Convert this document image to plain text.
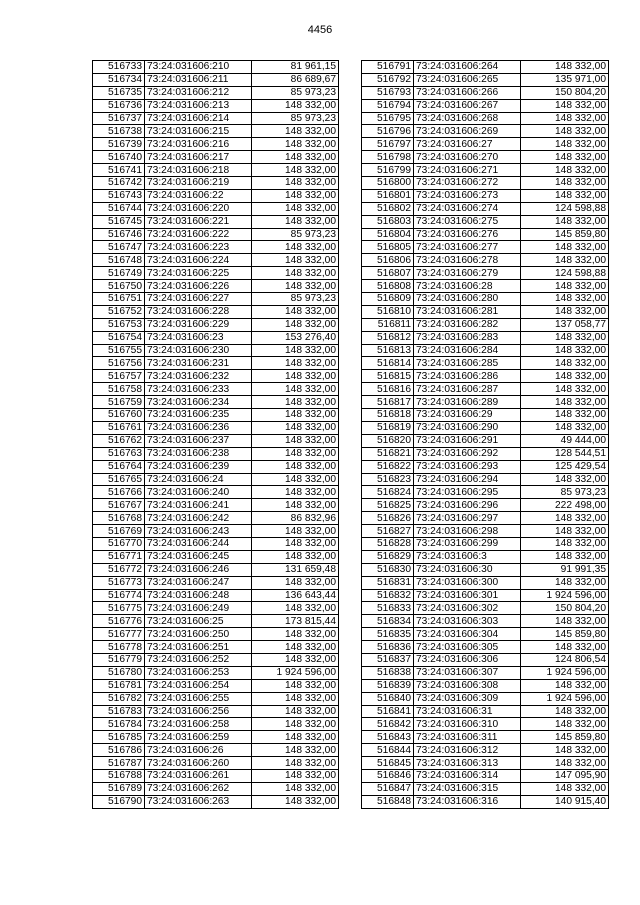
4456
516733	73:24:031606:210	81 961,15
516734	73:24:031606:211	86 689,67
516735	73:24:031606:212	85 973,23
516736	73:24:031606:213	148 332,00
516737	73:24:031606:214	85 973,23
516738	73:24:031606:215	148 332,00
516739	73:24:031606:216	148 332,00
516740	73:24:031606:217	148 332,00
516741	73:24:031606:218	148 332,00
516742	73:24:031606:219	148 332,00
516743	73:24:031606:22	148 332,00
516744	73:24:031606:220	148 332,00
516745	73:24:031606:221	148 332,00
516746	73:24:031606:222	85 973,23
516747	73:24:031606:223	148 332,00
516748	73:24:031606:224	148 332,00
516749	73:24:031606:225	148 332,00
516750	73:24:031606:226	148 332,00
516751	73:24:031606:227	85 973,23
516752	73:24:031606:228	148 332,00
516753	73:24:031606:229	148 332,00
516754	73:24:031606:23	153 276,40
516755	73:24:031606:230	148 332,00
516756	73:24:031606:231	148 332,00
516757	73:24:031606:232	148 332,00
516758	73:24:031606:233	148 332,00
516759	73:24:031606:234	148 332,00
516760	73:24:031606:235	148 332,00
516761	73:24:031606:236	148 332,00
516762	73:24:031606:237	148 332,00
516763	73:24:031606:238	148 332,00
516764	73:24:031606:239	148 332,00
516765	73:24:031606:24	148 332,00
516766	73:24:031606:240	148 332,00
516767	73:24:031606:241	148 332,00
516768	73:24:031606:242	86 832,96
516769	73:24:031606:243	148 332,00
516770	73:24:031606:244	148 332,00
516771	73:24:031606:245	148 332,00
516772	73:24:031606:246	131 659,48
516773	73:24:031606:247	148 332,00
516774	73:24:031606:248	136 643,44
516775	73:24:031606:249	148 332,00
516776	73:24:031606:25	173 815,44
516777	73:24:031606:250	148 332,00
516778	73:24:031606:251	148 332,00
516779	73:24:031606:252	148 332,00
516780	73:24:031606:253	1 924 596,00
516781	73:24:031606:254	148 332,00
516782	73:24:031606:255	148 332,00
516783	73:24:031606:256	148 332,00
516784	73:24:031606:258	148 332,00
516785	73:24:031606:259	148 332,00
516786	73:24:031606:26	148 332,00
516787	73:24:031606:260	148 332,00
516788	73:24:031606:261	148 332,00
516789	73:24:031606:262	148 332,00
516790	73:24:031606:263	148 332,00
516791	73:24:031606:264	148 332,00
516792	73:24:031606:265	135 971,00
516793	73:24:031606:266	150 804,20
516794	73:24:031606:267	148 332,00
516795	73:24:031606:268	148 332,00
516796	73:24:031606:269	148 332,00
516797	73:24:031606:27	148 332,00
516798	73:24:031606:270	148 332,00
516799	73:24:031606:271	148 332,00
516800	73:24:031606:272	148 332,00
516801	73:24:031606:273	148 332,00
516802	73:24:031606:274	124 598,88
516803	73:24:031606:275	148 332,00
516804	73:24:031606:276	145 859,80
516805	73:24:031606:277	148 332,00
516806	73:24:031606:278	148 332,00
516807	73:24:031606:279	124 598,88
516808	73:24:031606:28	148 332,00
516809	73:24:031606:280	148 332,00
516810	73:24:031606:281	148 332,00
516811	73:24:031606:282	137 058,77
516812	73:24:031606:283	148 332,00
516813	73:24:031606:284	148 332,00
516814	73:24:031606:285	148 332,00
516815	73:24:031606:286	148 332,00
516816	73:24:031606:287	148 332,00
516817	73:24:031606:289	148 332,00
516818	73:24:031606:29	148 332,00
516819	73:24:031606:290	148 332,00
516820	73:24:031606:291	49 444,00
516821	73:24:031606:292	128 544,51
516822	73:24:031606:293	125 429,54
516823	73:24:031606:294	148 332,00
516824	73:24:031606:295	85 973,23
516825	73:24:031606:296	222 498,00
516826	73:24:031606:297	148 332,00
516827	73:24:031606:298	148 332,00
516828	73:24:031606:299	148 332,00
516829	73:24:031606:3	148 332,00
516830	73:24:031606:30	91 991,35
516831	73:24:031606:300	148 332,00
516832	73:24:031606:301	1 924 596,00
516833	73:24:031606:302	150 804,20
516834	73:24:031606:303	148 332,00
516835	73:24:031606:304	145 859,80
516836	73:24:031606:305	148 332,00
516837	73:24:031606:306	124 806,54
516838	73:24:031606:307	1 924 596,00
516839	73:24:031606:308	148 332,00
516840	73:24:031606:309	1 924 596,00
516841	73:24:031606:31	148 332,00
516842	73:24:031606:310	148 332,00
516843	73:24:031606:311	145 859,80
516844	73:24:031606:312	148 332,00
516845	73:24:031606:313	148 332,00
516846	73:24:031606:314	147 095,90
516847	73:24:031606:315	148 332,00
516848	73:24:031606:316	140 915,40
